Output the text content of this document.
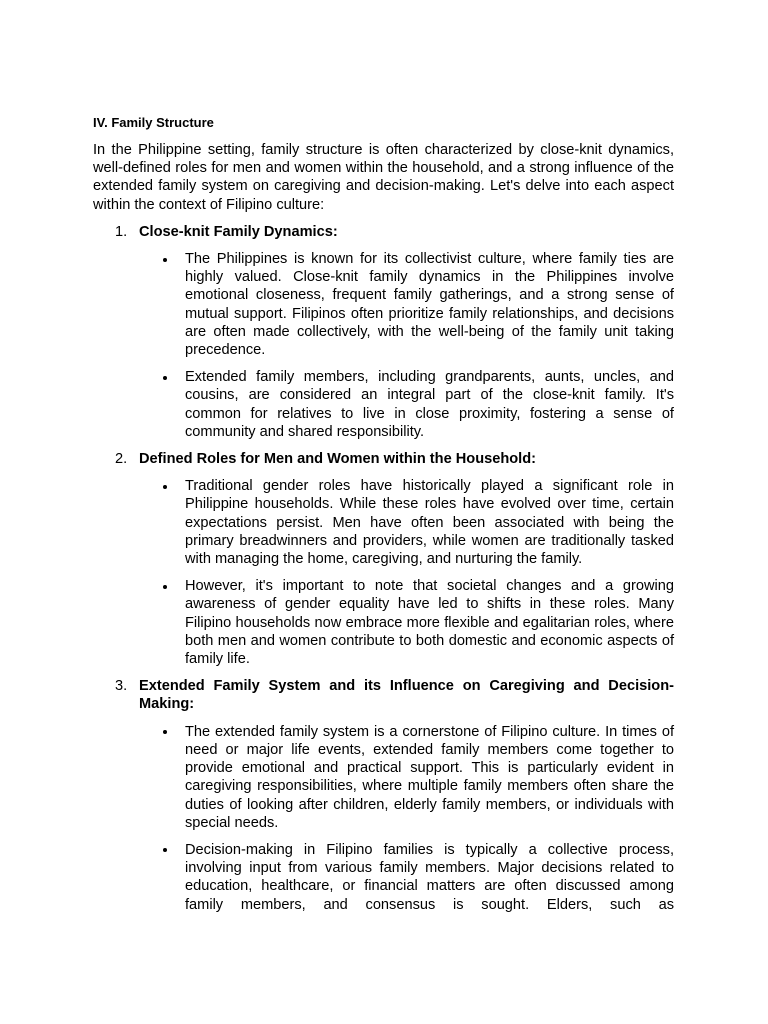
IV. Family Structure

In the Philippine setting, family structure is often characterized by close-knit dynamics, well-defined roles for men and women within the household, and a strong influence of the extended family system on caregiving and decision-making. Let's delve into each aspect within the context of Filipino culture:

1. Close-knit Family Dynamics:
The Philippines is known for its collectivist culture, where family ties are highly valued. Close-knit family dynamics in the Philippines involve emotional closeness, frequent family gatherings, and a strong sense of mutual support. Filipinos often prioritize family relationships, and decisions are often made collectively, with the well-being of the family unit taking precedence.
Extended family members, including grandparents, aunts, uncles, and cousins, are considered an integral part of the close-knit family. It's common for relatives to live in close proximity, fostering a sense of community and shared responsibility.
2. Defined Roles for Men and Women within the Household:
Traditional gender roles have historically played a significant role in Philippine households. While these roles have evolved over time, certain expectations persist. Men have often been associated with being the primary breadwinners and providers, while women are traditionally tasked with managing the home, caregiving, and nurturing the family.
However, it's important to note that societal changes and a growing awareness of gender equality have led to shifts in these roles. Many Filipino households now embrace more flexible and egalitarian roles, where both men and women contribute to both domestic and economic aspects of family life.
3. Extended Family System and its Influence on Caregiving and Decision-Making:
The extended family system is a cornerstone of Filipino culture. In times of need or major life events, extended family members come together to provide emotional and practical support. This is particularly evident in caregiving responsibilities, where multiple family members often share the duties of looking after children, elderly family members, or individuals with special needs.
Decision-making in Filipino families is typically a collective process, involving input from various family members. Major decisions related to education, healthcare, or financial matters are often discussed among family members, and consensus is sought. Elders, such as
